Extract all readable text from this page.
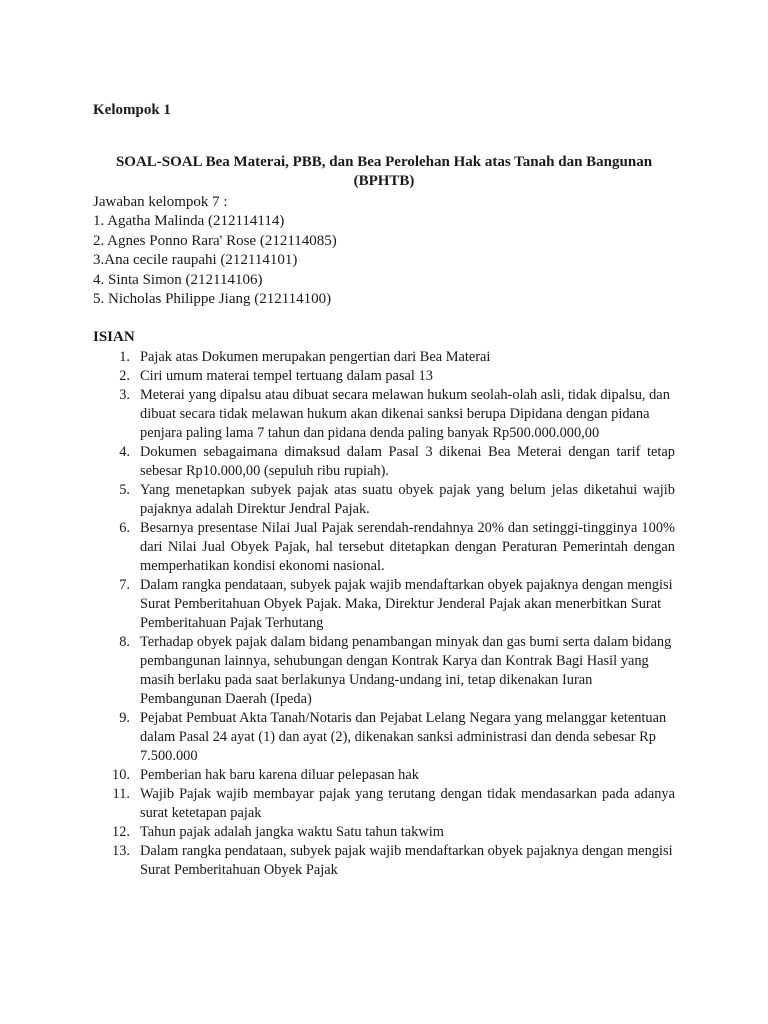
Kelompok 1
SOAL-SOAL Bea Materai, PBB, dan Bea Perolehan Hak atas Tanah dan Bangunan (BPHTB)
Jawaban kelompok 7 :
1. Agatha Malinda (212114114)
2. Agnes Ponno Rara' Rose (212114085)
3.Ana cecile raupahi (212114101)
4. Sinta Simon (212114106)
5. Nicholas Philippe Jiang (212114100)
ISIAN
1. Pajak atas Dokumen merupakan pengertian dari Bea Materai
2. Ciri umum materai tempel tertuang dalam pasal 13
3. Meterai yang dipalsu atau dibuat secara melawan hukum seolah-olah asli, tidak dipalsu, dan dibuat secara tidak melawan hukum akan dikenai sanksi berupa Dipidana dengan pidana penjara paling lama 7 tahun dan pidana denda paling banyak Rp500.000.000,00
4. Dokumen sebagaimana dimaksud dalam Pasal 3 dikenai Bea Meterai dengan tarif tetap sebesar Rp10.000,00 (sepuluh ribu rupiah).
5. Yang menetapkan subyek pajak atas suatu obyek pajak yang belum jelas diketahui wajib pajaknya adalah Direktur Jendral Pajak.
6. Besarnya presentase Nilai Jual Pajak serendah-rendahnya 20% dan setinggi-tingginya 100% dari Nilai Jual Obyek Pajak, hal tersebut ditetapkan dengan Peraturan Pemerintah dengan memperhatikan kondisi ekonomi nasional.
7. Dalam rangka pendataan, subyek pajak wajib mendaftarkan obyek pajaknya dengan mengisi Surat Pemberitahuan Obyek Pajak. Maka, Direktur Jenderal Pajak akan menerbitkan Surat Pemberitahuan Pajak Terhutang
8. Terhadap obyek pajak dalam bidang penambangan minyak dan gas bumi serta dalam bidang pembangunan lainnya, sehubungan dengan Kontrak Karya dan Kontrak Bagi Hasil yang masih berlaku pada saat berlakunya Undang-undang ini, tetap dikenakan Iuran Pembangunan Daerah (Ipeda)
9. Pejabat Pembuat Akta Tanah/Notaris dan Pejabat Lelang Negara yang melanggar ketentuan dalam Pasal 24 ayat (1) dan ayat (2), dikenakan sanksi administrasi dan denda sebesar Rp 7.500.000
10. Pemberian hak baru karena diluar pelepasan hak
11. Wajib Pajak wajib membayar pajak yang terutang dengan tidak mendasarkan pada adanya surat ketetapan pajak
12. Tahun pajak adalah jangka waktu Satu tahun takwim
13. Dalam rangka pendataan, subyek pajak wajib mendaftarkan obyek pajaknya dengan mengisi Surat Pemberitahuan Obyek Pajak
